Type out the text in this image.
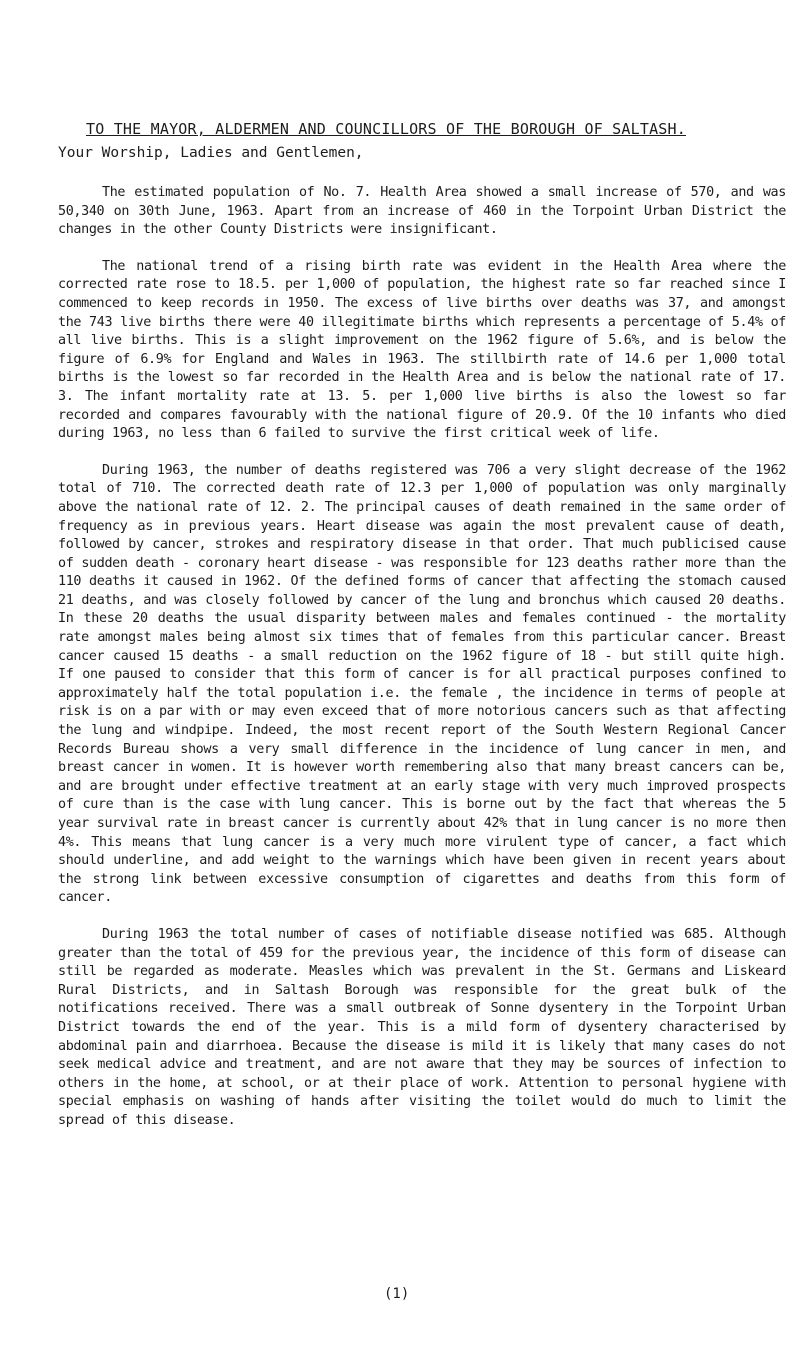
TO THE MAYOR, ALDERMEN AND COUNCILLORS OF THE BOROUGH OF SALTASH.
Your Worship, Ladies and Gentlemen,

The estimated population of No. 7. Health Area showed a small increase of 570, and was 50,340 on 30th June, 1963. Apart from an increase of 460 in the Torpoint Urban District the changes in the other County Districts were insignificant.

The national trend of a rising birth rate was evident in the Health Area where the corrected rate rose to 18.5. per 1,000 of population, the highest rate so far reached since I commenced to keep records in 1950. The excess of live births over deaths was 37, and amongst the 743 live births there were 40 illegitimate births which represents a percentage of 5.4% of all live births. This is a slight improvement on the 1962 figure of 5.6%, and is below the figure of 6.9% for England and Wales in 1963. The stillbirth rate of 14.6 per 1,000 total births is the lowest so far recorded in the Health Area and is below the national rate of 17. 3. The infant mortality rate at 13. 5. per 1,000 live births is also the lowest so far recorded and compares favourably with the national figure of 20.9. Of the 10 infants who died during 1963, no less than 6 failed to survive the first critical week of life.

During 1963, the number of deaths registered was 706 a very slight decrease of the 1962 total of 710. The corrected death rate of 12.3 per 1,000 of population was only marginally above the national rate of 12. 2. The principal causes of death remained in the same order of frequency as in previous years. Heart disease was again the most prevalent cause of death, followed by cancer, strokes and respiratory disease in that order. That much publicised cause of sudden death - coronary heart disease - was responsible for 123 deaths rather more than the 110 deaths it caused in 1962. Of the defined forms of cancer that affecting the stomach caused 21 deaths, and was closely followed by cancer of the lung and bronchus which caused 20 deaths. In these 20 deaths the usual disparity between males and females continued - the mortality rate amongst males being almost six times that of females from this particular cancer. Breast cancer caused 15 deaths - a small reduction on the 1962 figure of 18 - but still quite high. If one paused to consider that this form of cancer is for all practical purposes confined to approximately half the total population i.e. the female , the incidence in terms of people at risk is on a par with or may even exceed that of more notorious cancers such as that affecting the lung and windpipe. Indeed, the most recent report of the South Western Regional Cancer Records Bureau shows a very small difference in the incidence of lung cancer in men, and breast cancer in women. It is however worth remembering also that many breast cancers can be, and are brought under effective treatment at an early stage with very much improved prospects of cure than is the case with lung cancer. This is borne out by the fact that whereas the 5 year survival rate in breast cancer is currently about 42% that in lung cancer is no more then 4%. This means that lung cancer is a very much more virulent type of cancer, a fact which should underline, and add weight to the warnings which have been given in recent years about the strong link between excessive consumption of cigarettes and deaths from this form of cancer.

During 1963 the total number of cases of notifiable disease notified was 685. Although greater than the total of 459 for the previous year, the incidence of this form of disease can still be regarded as moderate. Measles which was prevalent in the St. Germans and Liskeard Rural Districts, and in Saltash Borough was responsible for the great bulk of the notifications received. There was a small outbreak of Sonne dysentery in the Torpoint Urban District towards the end of the year. This is a mild form of dysentery characterised by abdominal pain and diarrhoea. Because the disease is mild it is likely that many cases do not seek medical advice and treatment, and are not aware that they may be sources of infection to others in the home, at school, or at their place of work. Attention to personal hygiene with special emphasis on washing of hands after visiting the toilet would do much to limit the spread of this disease.

(1)
